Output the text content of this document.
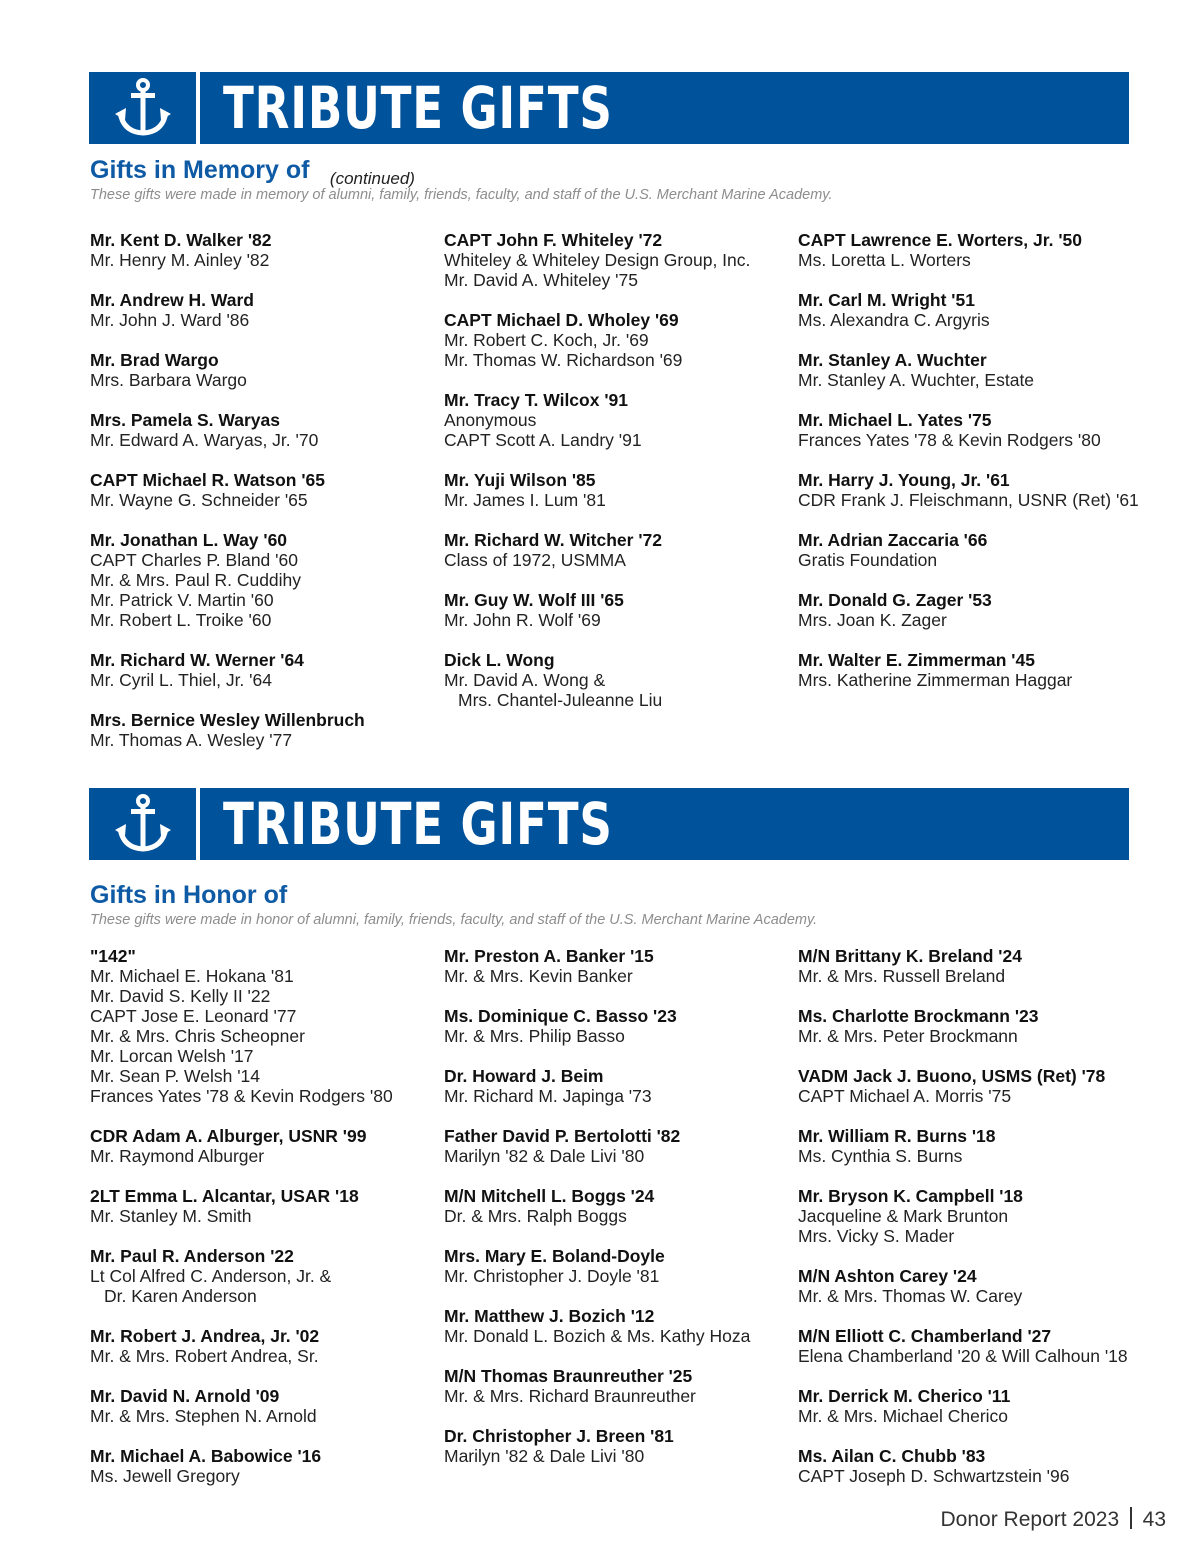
TRIBUTE GIFTS
Gifts in Memory of (continued)
These gifts were made in memory of alumni, family, friends, faculty, and staff of the U.S. Merchant Marine Academy.
Mr. Kent D. Walker '82
Mr. Henry M. Ainley '82
Mr. Andrew H. Ward
Mr. John J. Ward '86
Mr. Brad Wargo
Mrs. Barbara Wargo
Mrs. Pamela S. Waryas
Mr. Edward A. Waryas, Jr. '70
CAPT Michael R. Watson '65
Mr. Wayne G. Schneider '65
Mr. Jonathan L. Way '60
CAPT Charles P. Bland '60
Mr. & Mrs. Paul R. Cuddihy
Mr. Patrick V. Martin '60
Mr. Robert L. Troike '60
Mr. Richard W. Werner '64
Mr. Cyril L. Thiel, Jr. '64
Mrs. Bernice Wesley Willenbruch
Mr. Thomas A. Wesley '77
CAPT John F. Whiteley '72
Whiteley & Whiteley Design Group, Inc.
Mr. David A. Whiteley '75
CAPT Michael D. Wholey '69
Mr. Robert C. Koch, Jr. '69
Mr. Thomas W. Richardson '69
Mr. Tracy T. Wilcox '91
Anonymous
CAPT Scott A. Landry '91
Mr. Yuji Wilson '85
Mr. James I. Lum '81
Mr. Richard W. Witcher '72
Class of 1972, USMMA
Mr. Guy W. Wolf III '65
Mr. John R. Wolf '69
Dick L. Wong
Mr. David A. Wong &
Mrs. Chantel-Juleanne Liu
CAPT Lawrence E. Worters, Jr. '50
Ms. Loretta L. Worters
Mr. Carl M. Wright '51
Ms. Alexandra C. Argyris
Mr. Stanley A. Wuchter
Mr. Stanley A. Wuchter, Estate
Mr. Michael L. Yates '75
Frances Yates '78 & Kevin Rodgers '80
Mr. Harry J. Young, Jr. '61
CDR Frank J. Fleischmann, USNR (Ret) '61
Mr. Adrian Zaccaria '66
Gratis Foundation
Mr. Donald G. Zager '53
Mrs. Joan K. Zager
Mr. Walter E. Zimmerman '45
Mrs. Katherine Zimmerman Haggar
TRIBUTE GIFTS
Gifts in Honor of
These gifts were made in honor of alumni, family, friends, faculty, and staff of the U.S. Merchant Marine Academy.
"142"
Mr. Michael E. Hokana '81
Mr. David S. Kelly II '22
CAPT Jose E. Leonard '77
Mr. & Mrs. Chris Scheopner
Mr. Lorcan Welsh '17
Mr. Sean P. Welsh '14
Frances Yates '78 & Kevin Rodgers '80
CDR Adam A. Alburger, USNR '99
Mr. Raymond Alburger
2LT Emma L. Alcantar, USAR '18
Mr. Stanley M. Smith
Mr. Paul R. Anderson '22
Lt Col Alfred C. Anderson, Jr. &
Dr. Karen Anderson
Mr. Robert J. Andrea, Jr. '02
Mr. & Mrs. Robert Andrea, Sr.
Mr. David N. Arnold '09
Mr. & Mrs. Stephen N. Arnold
Mr. Michael A. Babowice '16
Ms. Jewell Gregory
Mr. Preston A. Banker '15
Mr. & Mrs. Kevin Banker
Ms. Dominique C. Basso '23
Mr. & Mrs. Philip Basso
Dr. Howard J. Beim
Mr. Richard M. Japinga '73
Father David P. Bertolotti '82
Marilyn '82 & Dale Livi '80
M/N Mitchell L. Boggs '24
Dr. & Mrs. Ralph Boggs
Mrs. Mary E. Boland-Doyle
Mr. Christopher J. Doyle '81
Mr. Matthew J. Bozich '12
Mr. Donald L. Bozich & Ms. Kathy Hoza
M/N Thomas Braunreuther '25
Mr. & Mrs. Richard Braunreuther
Dr. Christopher J. Breen '81
Marilyn '82 & Dale Livi '80
M/N Brittany K. Breland '24
Mr. & Mrs. Russell Breland
Ms. Charlotte Brockmann '23
Mr. & Mrs. Peter Brockmann
VADM Jack J. Buono, USMS (Ret) '78
CAPT Michael A. Morris '75
Mr. William R. Burns '18
Ms. Cynthia S. Burns
Mr. Bryson K. Campbell '18
Jacqueline & Mark Brunton
Mrs. Vicky S. Mader
M/N Ashton Carey '24
Mr. & Mrs. Thomas W. Carey
M/N Elliott C. Chamberland '27
Elena Chamberland '20 & Will Calhoun '18
Mr. Derrick M. Cherico '11
Mr. & Mrs. Michael Cherico
Ms. Ailan C. Chubb '83
CAPT Joseph D. Schwartzstein '96
Donor Report 2023 43
